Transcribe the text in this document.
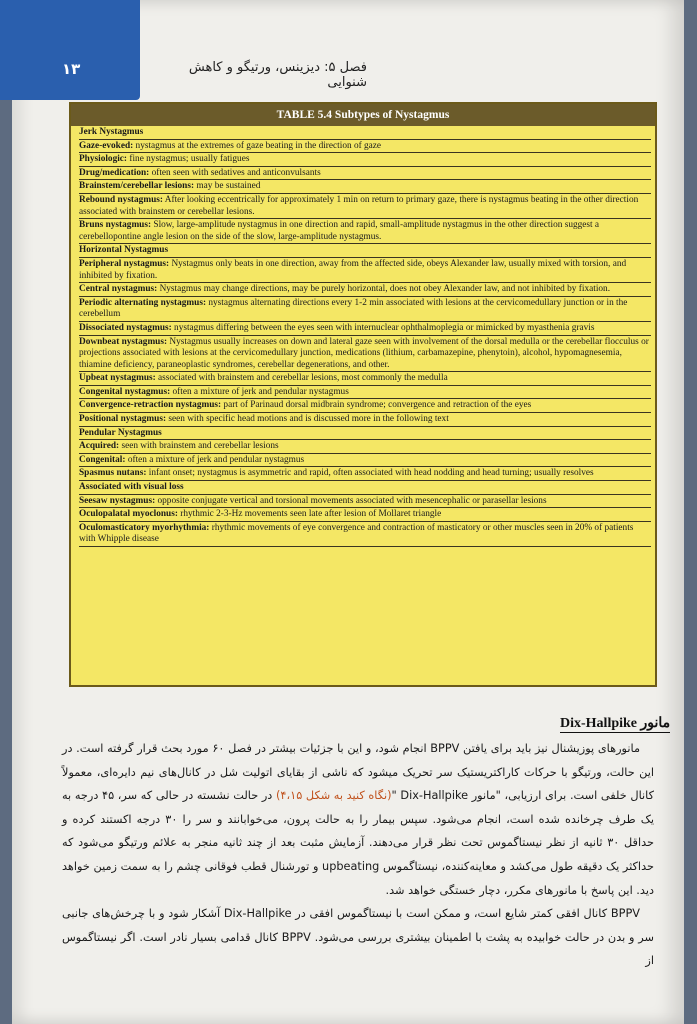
۱۳	فصل ۵: دیزینس، ورتیگو و کاهش شنوایی
TABLE 5.4 Subtypes of Nystagmus
Jerk Nystagmus
Gaze-evoked: nystagmus at the extremes of gaze beating in the direction of gaze
Physiologic: fine nystagmus; usually fatigues
Drug/medication: often seen with sedatives and anticonvulsants
Brainstem/cerebellar lesions: may be sustained
Rebound nystagmus: After looking eccentrically for approximately 1 min on return to primary gaze, there is nystagmus beating in the other direction associated with brainstem or cerebellar lesions.
Bruns nystagmus: Slow, large-amplitude nystagmus in one direction and rapid, small-amplitude nystagmus in the other direction suggest a cerebellopontine angle lesion on the side of the slow, large-amplitude nystagmus.
Horizontal Nystagmus
Peripheral nystagmus: Nystagmus only beats in one direction, away from the affected side, obeys Alexander law, usually mixed with torsion, and inhibited by fixation.
Central nystagmus: Nystagmus may change directions, may be purely horizontal, does not obey Alexander law, and not inhibited by fixation.
Periodic alternating nystagmus: nystagmus alternating directions every 1-2 min associated with lesions at the cervicomedullary junction or in the cerebellum
Dissociated nystagmus: nystagmus differing between the eyes seen with internuclear ophthalmoplegia or mimicked by myasthenia gravis
Downbeat nystagmus: Nystagmus usually increases on down and lateral gaze seen with involvement of the dorsal medulla or the cerebellar flocculus or projections associated with lesions at the cervicomedullary junction, medications (lithium, carbamazepine, phenytoin), alcohol, hypomagnesemia, thiamine deficiency, paraneoplastic syndromes, cerebellar degenerations, and other.
Upbeat nystagmus: associated with brainstem and cerebellar lesions, most commonly the medulla
Congenital nystagmus: often a mixture of jerk and pendular nystagmus
Convergence-retraction nystagmus: part of Parinaud dorsal midbrain syndrome; convergence and retraction of the eyes
Positional nystagmus: seen with specific head motions and is discussed more in the following text
Pendular Nystagmus
Acquired: seen with brainstem and cerebellar lesions
Congenital: often a mixture of jerk and pendular nystagmus
Spasmus nutans: infant onset; nystagmus is asymmetric and rapid, often associated with head nodding and head turning; usually resolves
Associated with visual loss
Seesaw nystagmus: opposite conjugate vertical and torsional movements associated with mesencephalic or parasellar lesions
Oculopalatal myoclonus: rhythmic 2-3-Hz movements seen late after lesion of Mollaret triangle
Oculomasticatory myorhythmia: rhythmic movements of eye convergence and contraction of masticatory or other muscles seen in 20% of patients with Whipple disease
مانور Dix-Hallpike

مانورهای پوزیشنال نیز باید برای یافتن BPPV انجام شود، و این با جزئیات بیشتر در فصل ۶۰ مورد بحث قرار گرفته است. در این حالت، ورتیگو با حرکات کاراکتریستیک سر تحریک میشود که ناشی از بقایای اتولیت شل در کانال‌های نیم دایره‌ای، معمولاً کانال خلفی است. برای ارزیابی، "مانور Dix-Hallpike "(نگاه کنید به شکل ۴،۱۵) در حالت نشسته در حالی که سر، ۴۵ درجه به یک طرف چرخانده شده است، انجام می‌شود. سپس بیمار را به حالت پرون، می‌خوابانند و سر را ۳۰ درجه اکستند کرده و حداقل ۳۰ ثانیه از نظر نیستاگموس تحت نظر قرار می‌دهند. آزمایش مثبت بعد از چند ثانیه منجر به علائم ورتیگو می‌شود که حداکثر یک دقیقه طول می‌کشد و معاینه‌کننده، نیستاگموس upbeating و تورشنال قطب فوقانی چشم را به سمت زمین خواهد دید. این پاسخ با مانورهای مکرر، دچار خستگی خواهد شد.

BPPV کانال افقی کمتر شایع است، و ممکن است با نیستاگموس افقی در Dix-Hallpike آشکار شود و با چرخش‌های جانبی سر و بدن در حالت خوابیده به پشت با اطمینان بیشتری بررسی می‌شود. BPPV کانال قدامی بسیار نادر است. اگر نیستاگموس از
